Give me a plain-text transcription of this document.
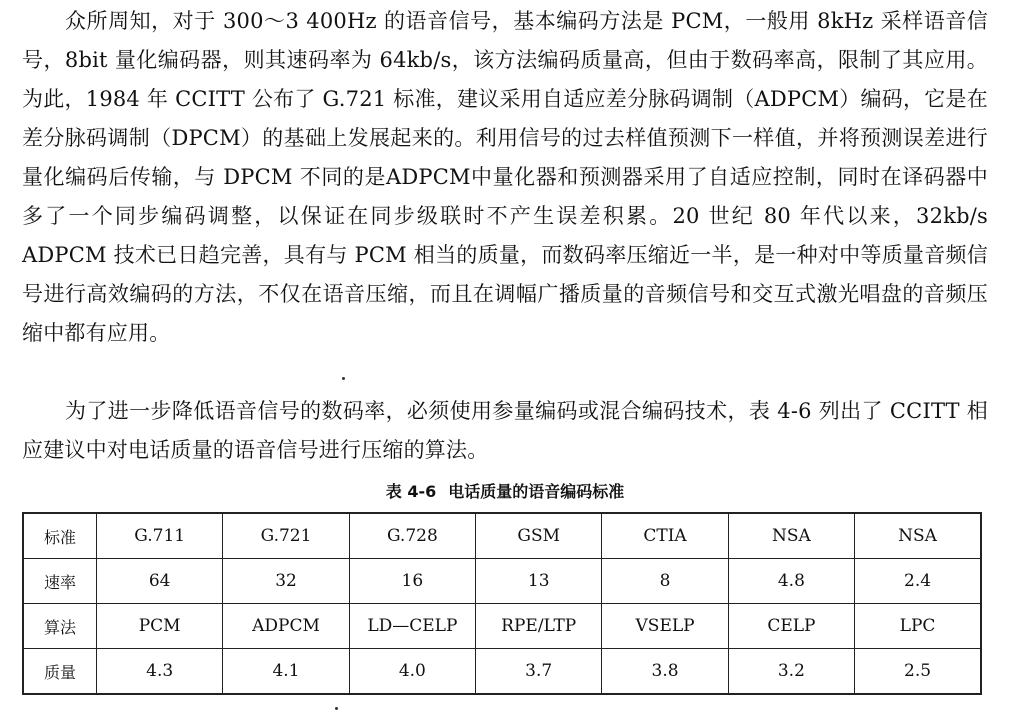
众所周知，对于 300～3 400Hz 的语音信号，基本编码方法是 PCM，一般用 8kHz 采样语音信号，8bit 量化编码器，则其速码率为 64kb/s，该方法编码质量高，但由于数码率高，限制了其应用。为此，1984 年 CCITT 公布了 G.721 标准，建议采用自适应差分脉码调制（ADPCM）编码，它是在差分脉码调制（DPCM）的基础上发展起来的。利用信号的过去样值预测下一样值，并将预测误差进行量化编码后传输，与 DPCM 不同的是ADPCM中量化器和预测器采用了自适应控制，同时在译码器中多了一个同步编码调整，以保证在同步级联时不产生误差积累。20 世纪 80 年代以来，32kb/s ADPCM 技术已日趋完善，具有与 PCM 相当的质量，而数码率压缩近一半，是一种对中等质量音频信号进行高效编码的方法，不仅在语音压缩，而且在调幅广播质量的音频信号和交互式激光唱盘的音频压缩中都有应用。

为了进一步降低语音信号的数码率，必须使用参量编码或混合编码技术，表 4-6 列出了 CCITT 相应建议中对电话质量的语音信号进行压缩的算法。

表 4-6 电话质量的语音编码标准

标准	G.711	G.721	G.728	GSM	CTIA	NSA	NSA
速率	64	32	16	13	8	4.8	2.4
算法	PCM	ADPCM	LD—CELP	RPE/LTP	VSELP	CELP	LPC
质量	4.3	4.1	4.0	3.7	3.8	3.2	2.5
